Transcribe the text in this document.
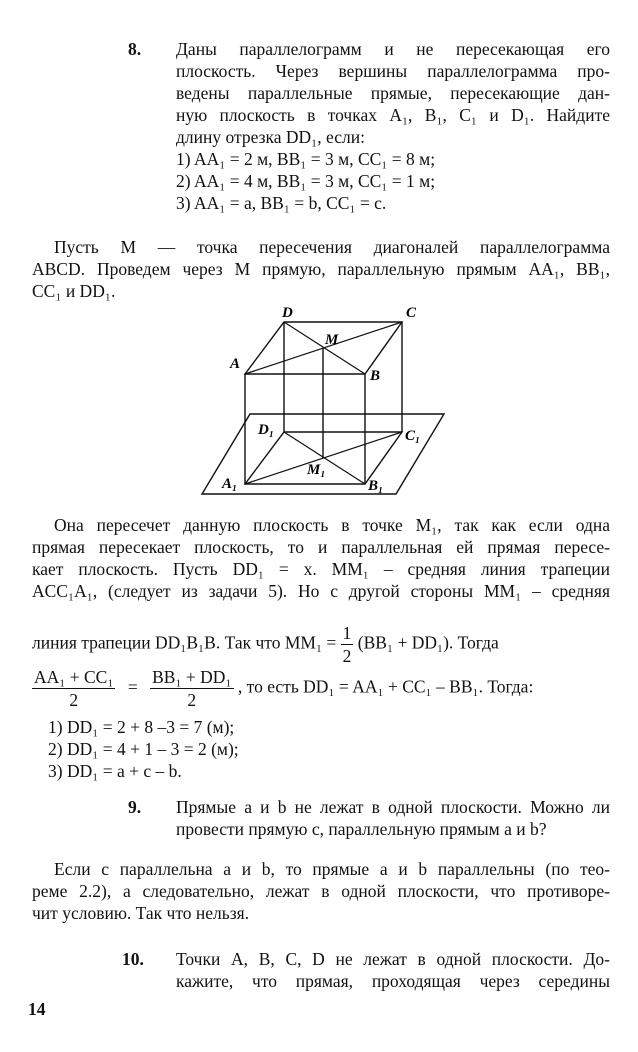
8. Даны параллелограмм и не пересекающая его
плоскость. Через вершины параллелограмма про-
ведены параллельные прямые, пересекающие дан-
ную плоскость в точках A₁, B₁, C₁ и D₁. Найдите
длину отрезка DD₁, если:
1) AA₁ = 2 м, BB₁ = 3 м, CC₁ = 8 м;
2) AA₁ = 4 м, BB₁ = 3 м, CC₁ = 1 м;
3) AA₁ = a, BB₁ = b, CC₁ = c.
Пусть M — точка пересечения диагоналей параллелограмма
ABCD. Проведем через M прямую, параллельную прямым AA₁, BB₁,
CC₁ и DD₁.
D	C
A
B
M
D₁	C₁
A₁	B₁
M₁
Она пересечет данную плоскость в точке M₁, так как если одна
прямая пересекает плоскость, то и параллельная ей прямая пересе-
кает плоскость. Пусть DD₁ = x. MM₁ – средняя линия трапеции
ACC₁A₁, (следует из задачи 5). Но с другой стороны MM₁ – средняя
линия трапеции DD₁B₁B. Так что $MM_1 = \frac{1}{2} (BB_1 + DD_1)$. Тогда
$\frac{\text{AA₁ + CC₁}}{2} = \frac{\text{BB₁ + DD₁}}{2}$ , то есть DD₁ = AA₁ + CC₁ – BB₁. Тогда:
1) DD₁ = 2 + 8 –3 = 7 (м);
2) DD₁ = 4 + 1 – 3 = 2 (м);
3) DD₁ = a + c – b.
9. Прямые a и b не лежат в одной плоскости. Можно ли
провести прямую c, параллельную прямым a и b?
Если c параллельна a и b, то прямые a и b параллельны (по тео-
реме 2.2), а следовательно, лежат в одной плоскости, что противоре-
чит условию. Так что нельзя.
10. Точки A, B, C, D не лежат в одной плоскости. До-
кажите, что прямая, проходящая через середины
14
